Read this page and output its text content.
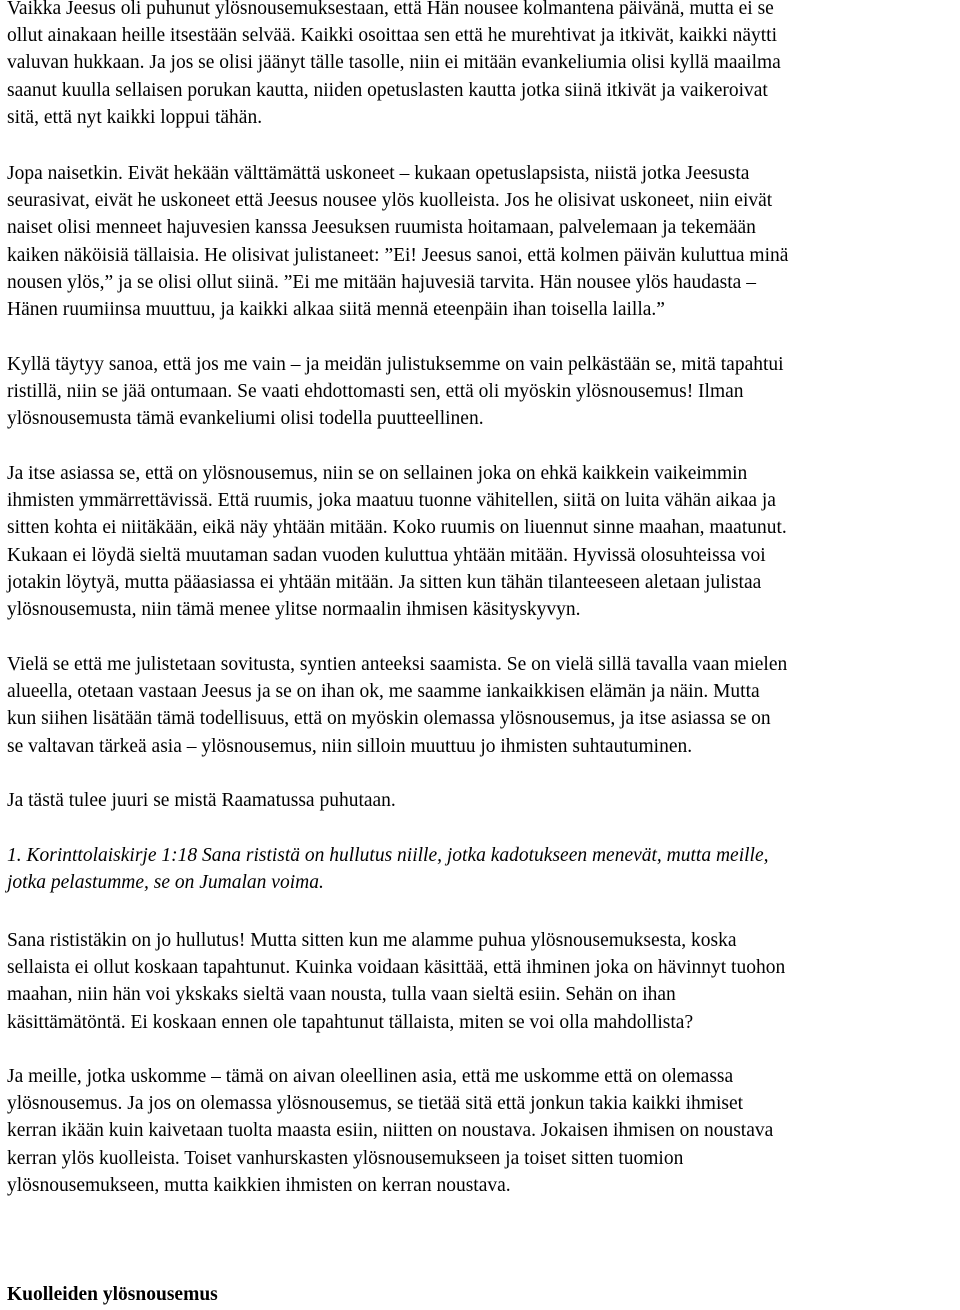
Vaikka Jeesus oli puhunut ylösnousemuksestaan, että Hän nousee kolmantena päivänä, mutta ei se
ollut ainakaan heille itsestään selvää. Kaikki osoittaa sen että he murehtivat ja itkivät, kaikki näytti
valuvan hukkaan. Ja jos se olisi jäänyt tälle tasolle, niin ei mitään evankeliumia olisi kyllä maailma
saanut kuulla sellaisen porukan kautta, niiden opetuslasten kautta jotka siinä itkivät ja vaikeroivat
sitä, että nyt kaikki loppui tähän.

Jopa naisetkin. Eivät hekään välttämättä uskoneet – kukaan opetuslapsista, niistä jotka Jeesusta
seurasivat, eivät he uskoneet että Jeesus nousee ylös kuolleista. Jos he olisivat uskoneet, niin eivät
naiset olisi menneet hajuvesien kanssa Jeesuksen ruumista hoitamaan, palvelemaan ja tekemään
kaiken näköisiä tällaisia. He olisivat julistaneet: ”Ei! Jeesus sanoi, että kolmen päivän kuluttua minä
nousen ylös,” ja se olisi ollut siinä. ”Ei me mitään hajuvesiä tarvita. Hän nousee ylös haudasta –
Hänen ruumiinsa muuttuu, ja kaikki alkaa siitä mennä eteenpäin ihan toisella lailla.”

Kyllä täytyy sanoa, että jos me vain – ja meidän julistuksemme on vain pelkästään se, mitä tapahtui
ristillä, niin se jää ontumaan. Se vaati ehdottomasti sen, että oli myöskin ylösnousemus! Ilman
ylösnousemusta tämä evankeliumi olisi todella puutteellinen.

Ja itse asiassa se, että on ylösnousemus, niin se on sellainen joka on ehkä kaikkein vaikeimmin
ihmisten ymmärrettävissä. Että ruumis, joka maatuu tuonne vähitellen, siitä on luita vähän aikaa ja
sitten kohta ei niitäkään, eikä näy yhtään mitään. Koko ruumis on liuennut sinne maahan, maatunut.
Kukaan ei löydä sieltä muutaman sadan vuoden kuluttua yhtään mitään. Hyvissä olosuhteissa voi
jotakin löytyä, mutta pääasiassa ei yhtään mitään. Ja sitten kun tähän tilanteeseen aletaan julistaa
ylösnousemusta, niin tämä menee ylitse normaalin ihmisen käsityskyvyn.

Vielä se että me julistetaan sovitusta, syntien anteeksi saamista. Se on vielä sillä tavalla vaan mielen
alueella, otetaan vastaan Jeesus ja se on ihan ok, me saamme iankaikkisen elämän ja näin. Mutta
kun siihen lisätään tämä todellisuus, että on myöskin olemassa ylösnousemus, ja itse asiassa se on
se valtavan tärkeä asia – ylösnousemus, niin silloin muuttuu jo ihmisten suhtautuminen.

Ja tästä tulee juuri se mistä Raamatussa puhutaan.

1. Korinttolaiskirje 1:18 Sana rististä on hullutus niille, jotka kadotukseen menevät, mutta meille,
jotka pelastumme, se on Jumalan voima.

Sana rististäkin on jo hullutus! Mutta sitten kun me alamme puhua ylösnousemuksesta, koska
sellaista ei ollut koskaan tapahtunut. Kuinka voidaan käsittää, että ihminen joka on hävinnyt tuohon
maahan, niin hän voi ykskaks sieltä vaan nousta, tulla vaan sieltä esiin. Sehän on ihan
käsittämätöntä. Ei koskaan ennen ole tapahtunut tällaista, miten se voi olla mahdollista?

Ja meille, jotka uskomme – tämä on aivan oleellinen asia, että me uskomme että on olemassa
ylösnousemus. Ja jos on olemassa ylösnousemus, se tietää sitä että jonkun takia kaikki ihmiset
kerran ikään kuin kaivetaan tuolta maasta esiin, niitten on noustava. Jokaisen ihmisen on noustava
kerran ylös kuolleista. Toiset vanhurskasten ylösnousemukseen ja toiset sitten tuomion
ylösnousemukseen, mutta kaikkien ihmisten on kerran noustava.

Kuolleiden ylösnousemus
